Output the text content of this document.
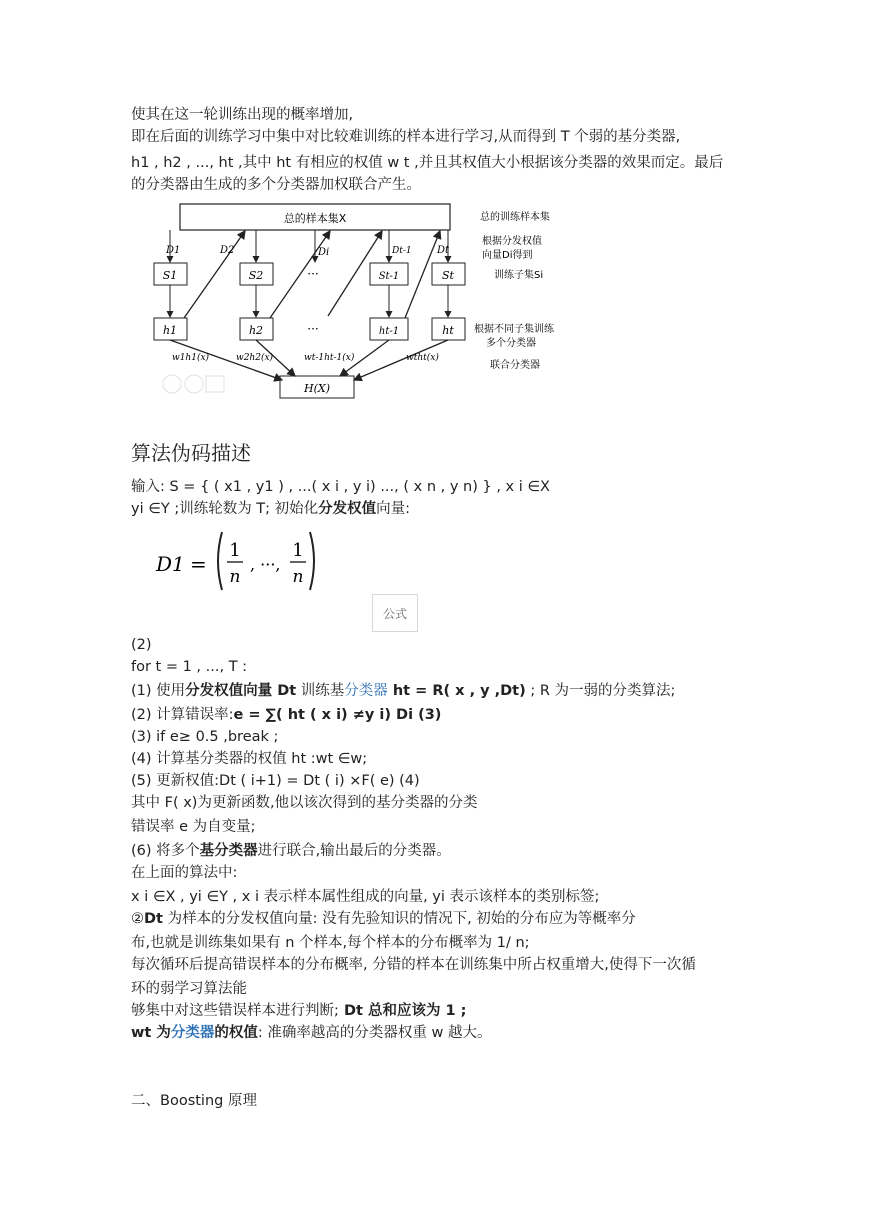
使其在这一轮训练出现的概率增加,
即在后面的训练学习中集中对比较难训练的样本进行学习,从而得到 T 个弱的基分类器,
h1 , h2 , ..., ht ,其中 ht 有相应的权值 w t ,并且其权值大小根据该分类器的效果而定。最后
的分类器由生成的多个分类器加权联合产生。
总的样本集X
S1	S2	St-1	St
···
h1	h2	ht-1	ht
···
H(X)
D1	D2	Di	Dt-1	Dt
w1h1(x)	w2h2(x)	wt-1ht-1(x)	wtht(x)
总的训练样本集
根据分发权值
向量Di得到
训练子集Si
根据不同子集训练
多个分类器
联合分类器
算法伪码描述
输入: S = { ( x1 , y1 ) , ...( x i , y i) ..., ( x n , y n) } , x i ∈X
yi ∈Y ;训练轮数为 T; 初始化分发权值向量:
D1 =
1
n
, ···,
1
n
公式
(2)
for t = 1 , ..., T :
(1) 使用分发权值向量 Dt 训练基分类器 ht = R( x , y ,Dt) ; R 为一弱的分类算法;
(2) 计算错误率:e = ∑( ht ( x i) ≠y i) Di (3)
(3) if e≥ 0.5 ,break ;
(4) 计算基分类器的权值 ht :wt ∈w;
(5) 更新权值:Dt ( i+1) = Dt ( i) ×F( e) (4)
其中 F( x)为更新函数,他以该次得到的基分类器的分类
错误率 e 为自变量;
(6) 将多个基分类器进行联合,输出最后的分类器。
在上面的算法中:
x i ∈X , yi ∈Y , x i 表示样本属性组成的向量, yi 表示该样本的类别标签;
②Dt 为样本的分发权值向量: 没有先验知识的情况下, 初始的分布应为等概率分
布,也就是训练集如果有 n 个样本,每个样本的分布概率为 1/ n;
每次循环后提高错误样本的分布概率, 分错的样本在训练集中所占权重增大,使得下一次循
环的弱学习算法能
够集中对这些错误样本进行判断; Dt 总和应该为 1 ;
wt 为分类器的权值: 准确率越高的分类器权重 w 越大。
二、Boosting 原理
